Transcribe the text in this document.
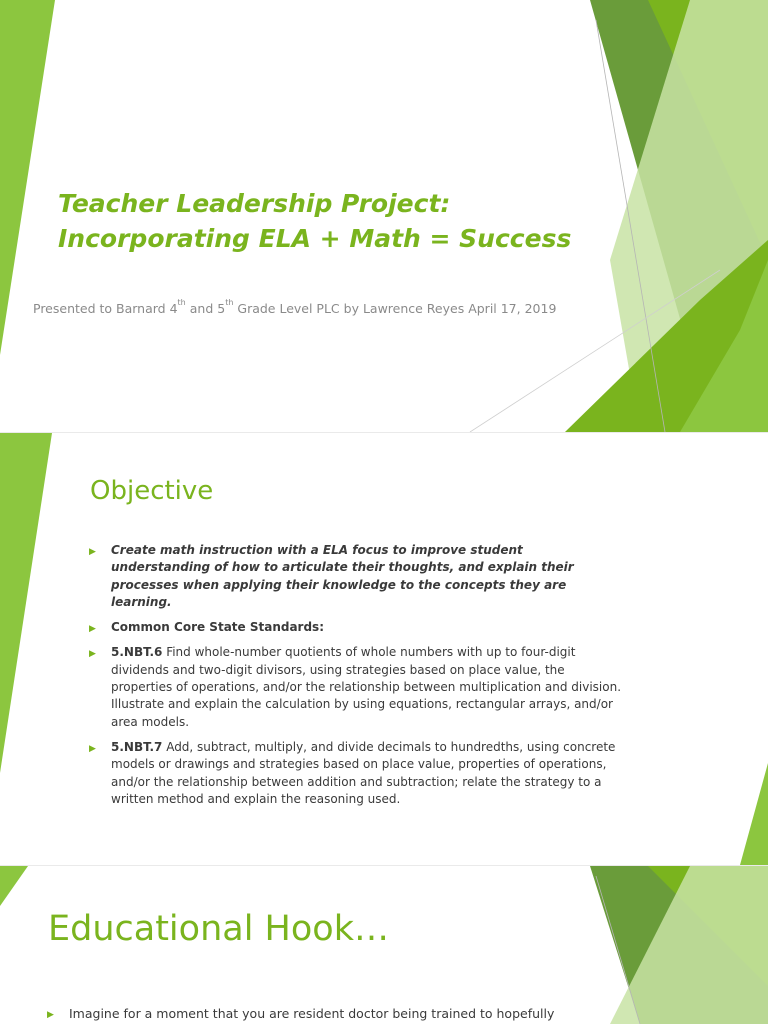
Teacher Leadership Project:
Incorporating ELA + Math = Success
Presented to Barnard 4th and 5th Grade Level PLC by Lawrence Reyes April 17, 2019
Objective
▶ Create math instruction with a ELA focus to improve student understanding of how to articulate their thoughts, and explain their processes when applying their knowledge to the concepts they are learning.
▶ Common Core State Standards:
▶ 5.NBT.6 Find whole-number quotients of whole numbers with up to four-digit dividends and two-digit divisors, using strategies based on place value, the properties of operations, and/or the relationship between multiplication and division. Illustrate and explain the calculation by using equations, rectangular arrays, and/or area models.
▶ 5.NBT.7 Add, subtract, multiply, and divide decimals to hundredths, using concrete models or drawings and strategies based on place value, properties of operations, and/or the relationship between addition and subtraction; relate the strategy to a written method and explain the reasoning used.
Educational Hook…
▶ Imagine for a moment that you are resident doctor being trained to hopefully
